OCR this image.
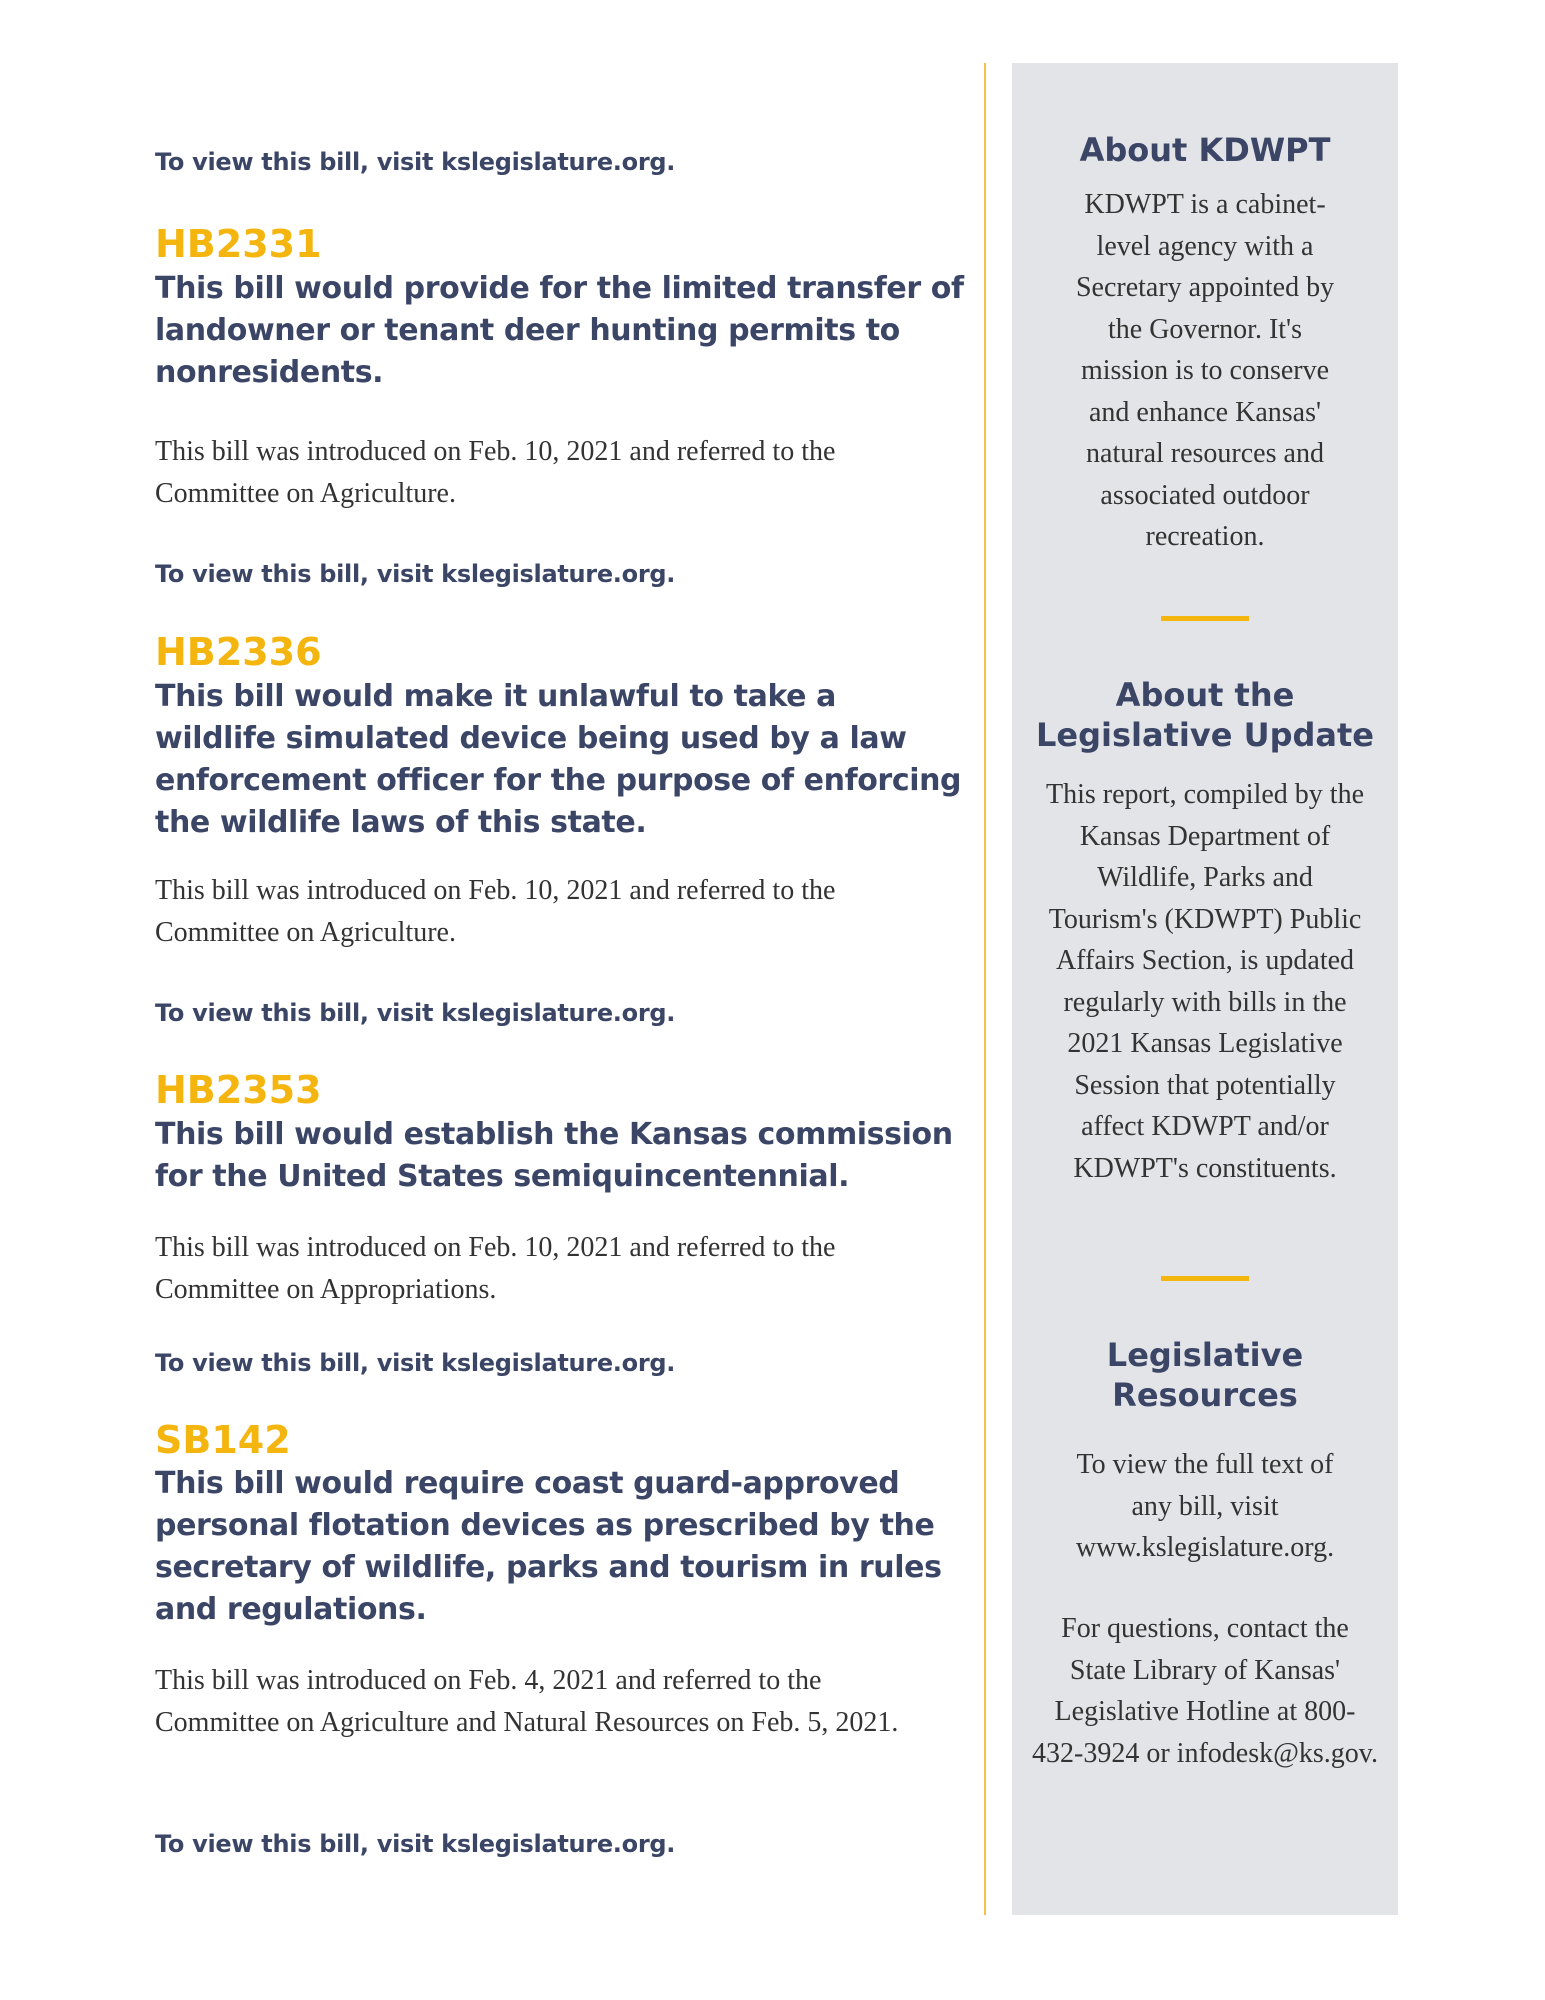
To view this bill, visit kslegislature.org.
HB2331
This bill would provide for the limited transfer of landowner or tenant deer hunting permits to nonresidents.
This bill was introduced on Feb. 10, 2021 and referred to the Committee on Agriculture.
To view this bill, visit kslegislature.org.
HB2336
This bill would make it unlawful to take a wildlife simulated device being used by a law enforcement officer for the purpose of enforcing the wildlife laws of this state.
This bill was introduced on Feb. 10, 2021 and referred to the Committee on Agriculture.
To view this bill, visit kslegislature.org.
HB2353
This bill would establish the Kansas commission for the United States semiquincentennial.
This bill was introduced on Feb. 10, 2021 and referred to the Committee on Appropriations.
To view this bill, visit kslegislature.org.
SB142
This bill would require coast guard-approved personal flotation devices as prescribed by the secretary of wildlife, parks and tourism in rules and regulations.
This bill was introduced on Feb. 4, 2021 and referred to the Committee on Agriculture and Natural Resources on Feb. 5, 2021.
To view this bill, visit kslegislature.org.
About KDWPT
KDWPT is a cabinet-level agency with a Secretary appointed by the Governor. It's mission is to conserve and enhance Kansas' natural resources and associated outdoor recreation.
About the Legislative Update
This report, compiled by the Kansas Department of Wildlife, Parks and Tourism's (KDWPT) Public Affairs Section, is updated regularly with bills in the 2021 Kansas Legislative Session that potentially affect KDWPT and/or KDWPT's constituents.
Legislative Resources
To view the full text of any bill, visit www.kslegislature.org.
For questions, contact the State Library of Kansas' Legislative Hotline at 800-432-3924 or infodesk@ks.gov.
